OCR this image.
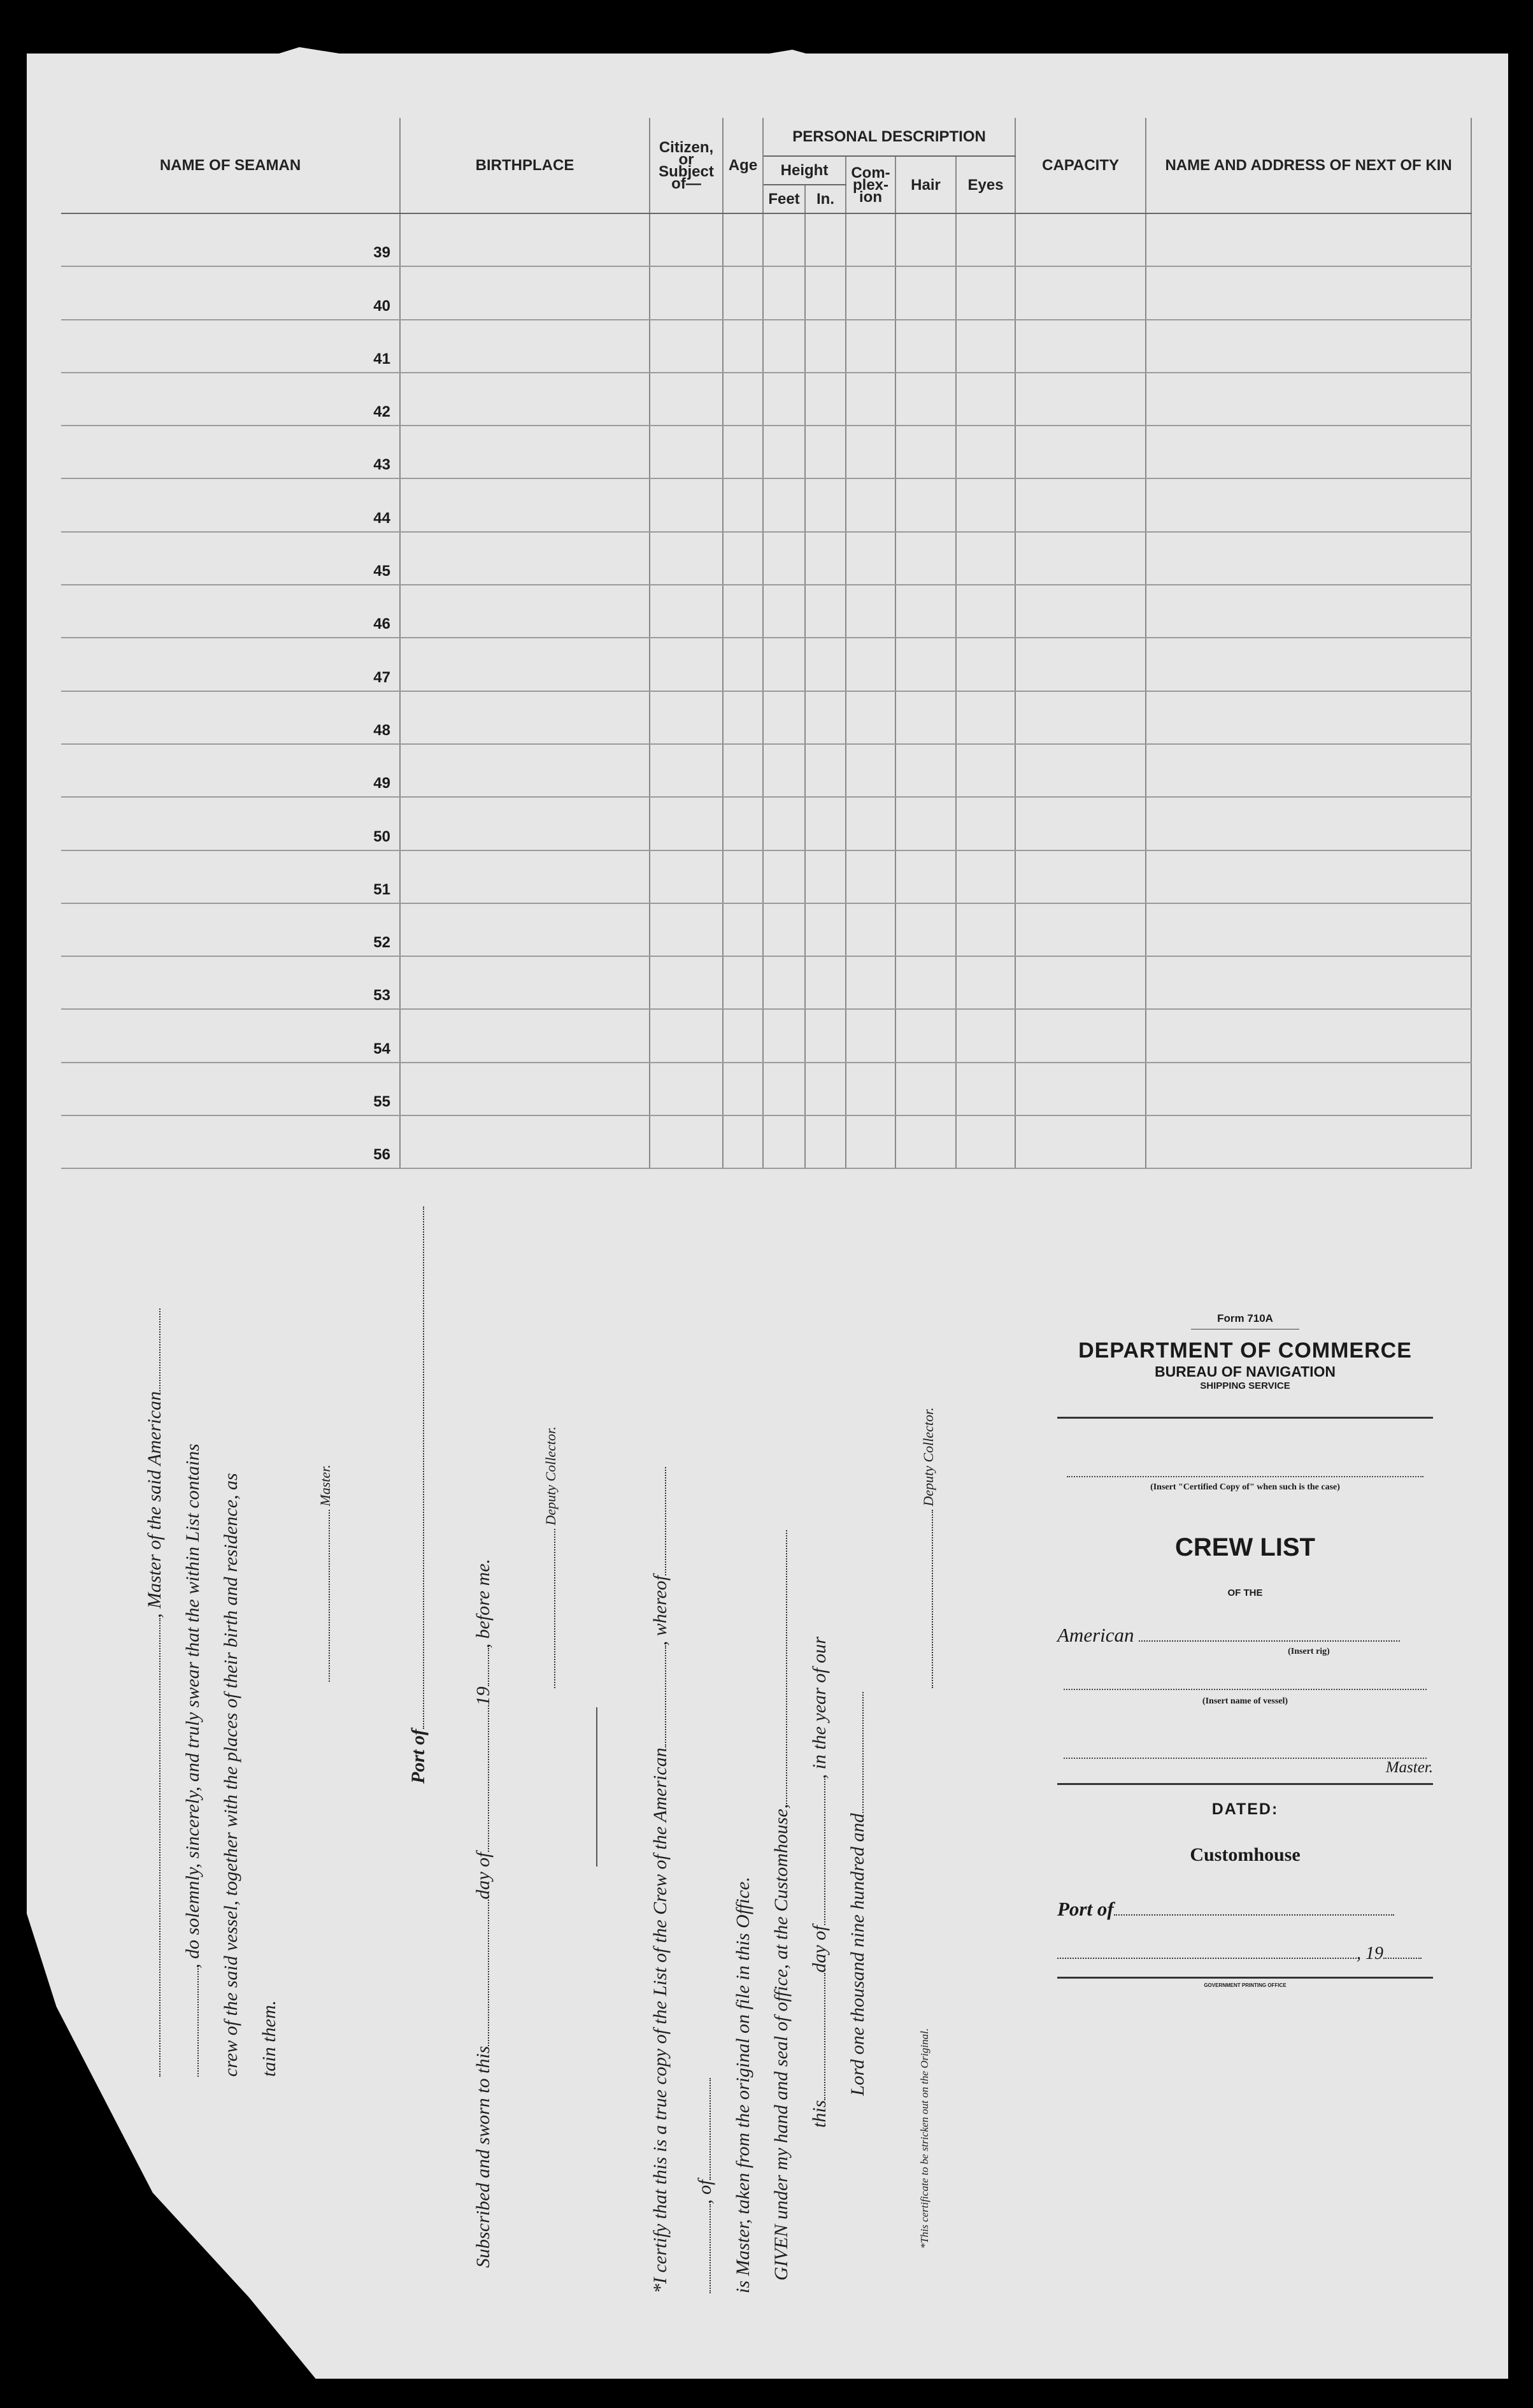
NAME OF SEAMAN	BIRTHPLACE	Citizen, or Subject of—	Age	PERSONAL DESCRIPTION					CAPACITY	NAME AND ADDRESS OF NEXT OF KIN
				Height		Com-plex-ion	Hair	Eyes		
				Feet	In.					
39										
40										
41										
42										
43										
44										
45										
46										
47										
48										
49										
50										
51										
52										
53										
54										
55										
56										
, Master of the said American , do solemnly, sincerely, and truly swear that the within List contains crew of the said vessel, together with the places of their birth and residence, as tain them.
Master.
Port of
Subscribed and sworn to thisday of19, before me.
Deputy Collector.
*I certify that this is a true copy of the List of the Crew of the American, whereof
, of is Master, taken from the original on file in this Office. GIVEN under my hand and seal of office, at the Customhouse, thisday of, in the year of our
Lord one thousand nine hundred and
Deputy Collector.
*This certificate to be stricken out on the Original.
Form 710A
DEPARTMENT OF COMMERCE
BUREAU OF NAVIGATION
SHIPPING SERVICE
(Insert "Certified Copy of" when such is the case)
CREW LIST
OF THE
American
(Insert rig)
(Insert name of vessel)
Master.
DATED:
Customhouse
Port of
, 19
GOVERNMENT PRINTING OFFICE
